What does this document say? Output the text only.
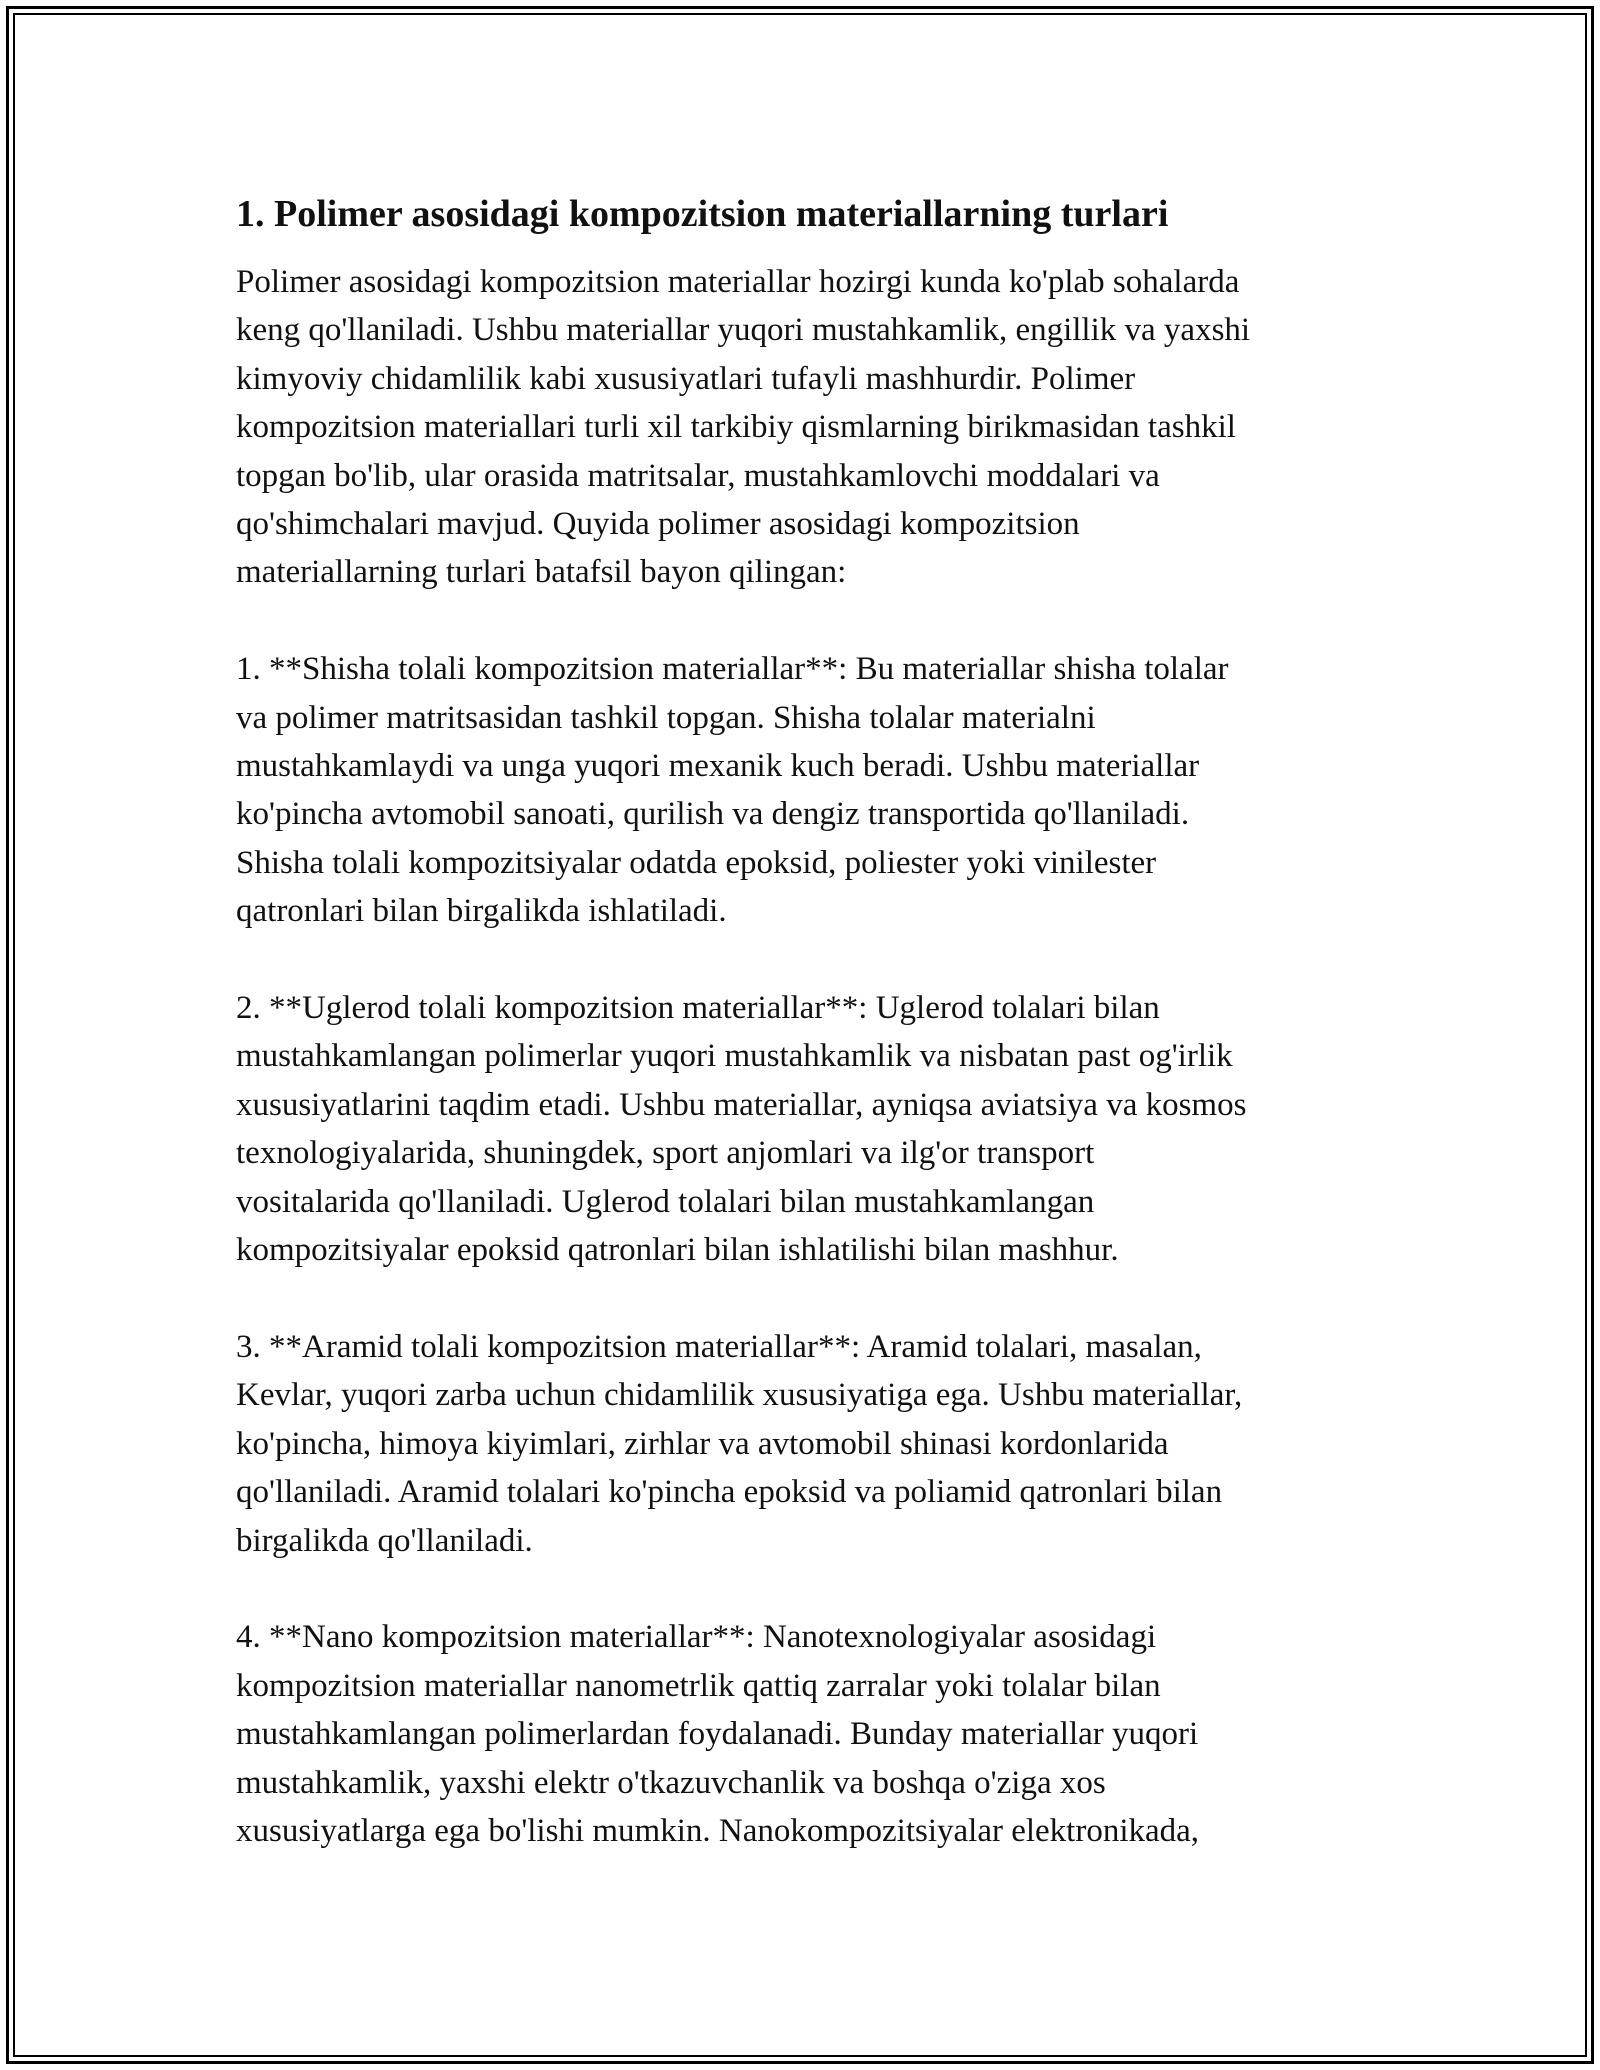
1. Polimer asosidagi kompozitsion materiallarning turlari

Polimer asosidagi kompozitsion materiallar hozirgi kunda ko'plab sohalarda
keng qo'llaniladi. Ushbu materiallar yuqori mustahkamlik, engillik va yaxshi
kimyoviy chidamlilik kabi xususiyatlari tufayli mashhurdir. Polimer
kompozitsion materiallari turli xil tarkibiy qismlarning birikmasidan tashkil
topgan bo'lib, ular orasida matritsalar, mustahkamlovchi moddalari va
qo'shimchalari mavjud. Quyida polimer asosidagi kompozitsion
materiallarning turlari batafsil bayon qilingan:

1. **Shisha tolali kompozitsion materiallar**: Bu materiallar shisha tolalar
va polimer matritsasidan tashkil topgan. Shisha tolalar materialni
mustahkamlaydi va unga yuqori mexanik kuch beradi. Ushbu materiallar
ko'pincha avtomobil sanoati, qurilish va dengiz transportida qo'llaniladi.
Shisha tolali kompozitsiyalar odatda epoksid, poliester yoki vinilester
qatronlari bilan birgalikda ishlatiladi.

2. **Uglerod tolali kompozitsion materiallar**: Uglerod tolalari bilan
mustahkamlangan polimerlar yuqori mustahkamlik va nisbatan past og'irlik
xususiyatlarini taqdim etadi. Ushbu materiallar, ayniqsa aviatsiya va kosmos
texnologiyalarida, shuningdek, sport anjomlari va ilg'or transport
vositalarida qo'llaniladi. Uglerod tolalari bilan mustahkamlangan
kompozitsiyalar epoksid qatronlari bilan ishlatilishi bilan mashhur.

3. **Aramid tolali kompozitsion materiallar**: Aramid tolalari, masalan,
Kevlar, yuqori zarba uchun chidamlilik xususiyatiga ega. Ushbu materiallar,
ko'pincha, himoya kiyimlari, zirhlar va avtomobil shinasi kordonlarida
qo'llaniladi. Aramid tolalari ko'pincha epoksid va poliamid qatronlari bilan
birgalikda qo'llaniladi.

4. **Nano kompozitsion materiallar**: Nanotexnologiyalar asosidagi
kompozitsion materiallar nanometrlik qattiq zarralar yoki tolalar bilan
mustahkamlangan polimerlardan foydalanadi. Bunday materiallar yuqori
mustahkamlik, yaxshi elektr o'tkazuvchanlik va boshqa o'ziga xos
xususiyatlarga ega bo'lishi mumkin. Nanokompozitsiyalar elektronikada,
